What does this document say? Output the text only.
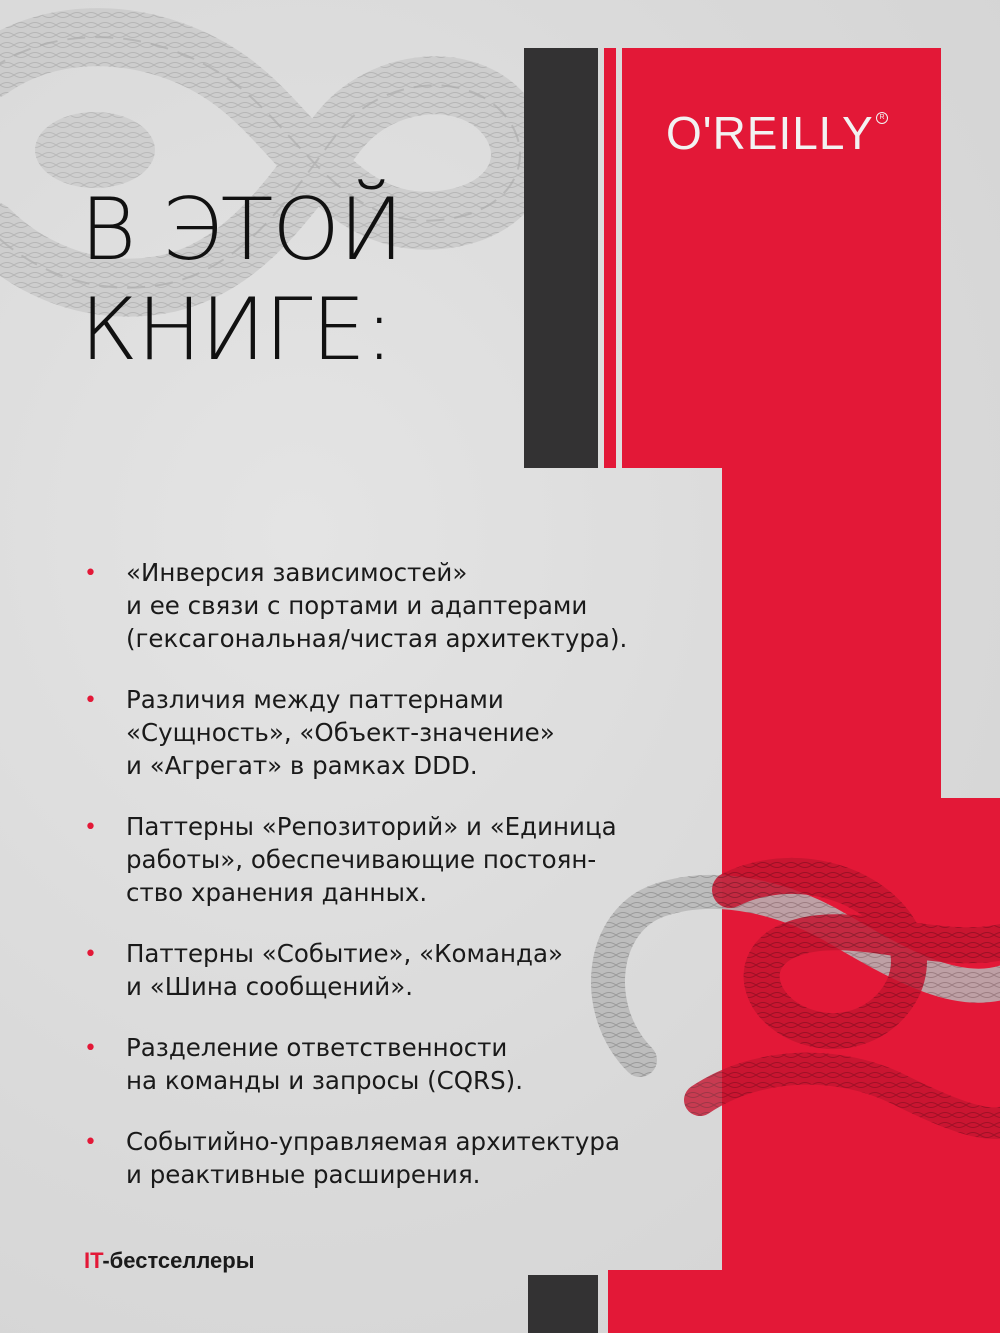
O'REILLY R
В ЭТОЙ
КНИГЕ:
• «Инверсия зависимостей»
и ее связи с портами и адаптерами
(гексагональная/чистая архитектура).
• Различия между паттернами
«Сущность», «Объект-значение»
и «Агрегат» в рамках DDD.
• Паттерны «Репозиторий» и «Единица
работы», обеспечивающие постоян-
ство хранения данных.
• Паттерны «Событие», «Команда»
и «Шина сообщений».
• Разделение ответственности
на команды и запросы (CQRS).
• Событийно-управляемая архитектура
и реактивные расширения.
IT-бестселлеры
